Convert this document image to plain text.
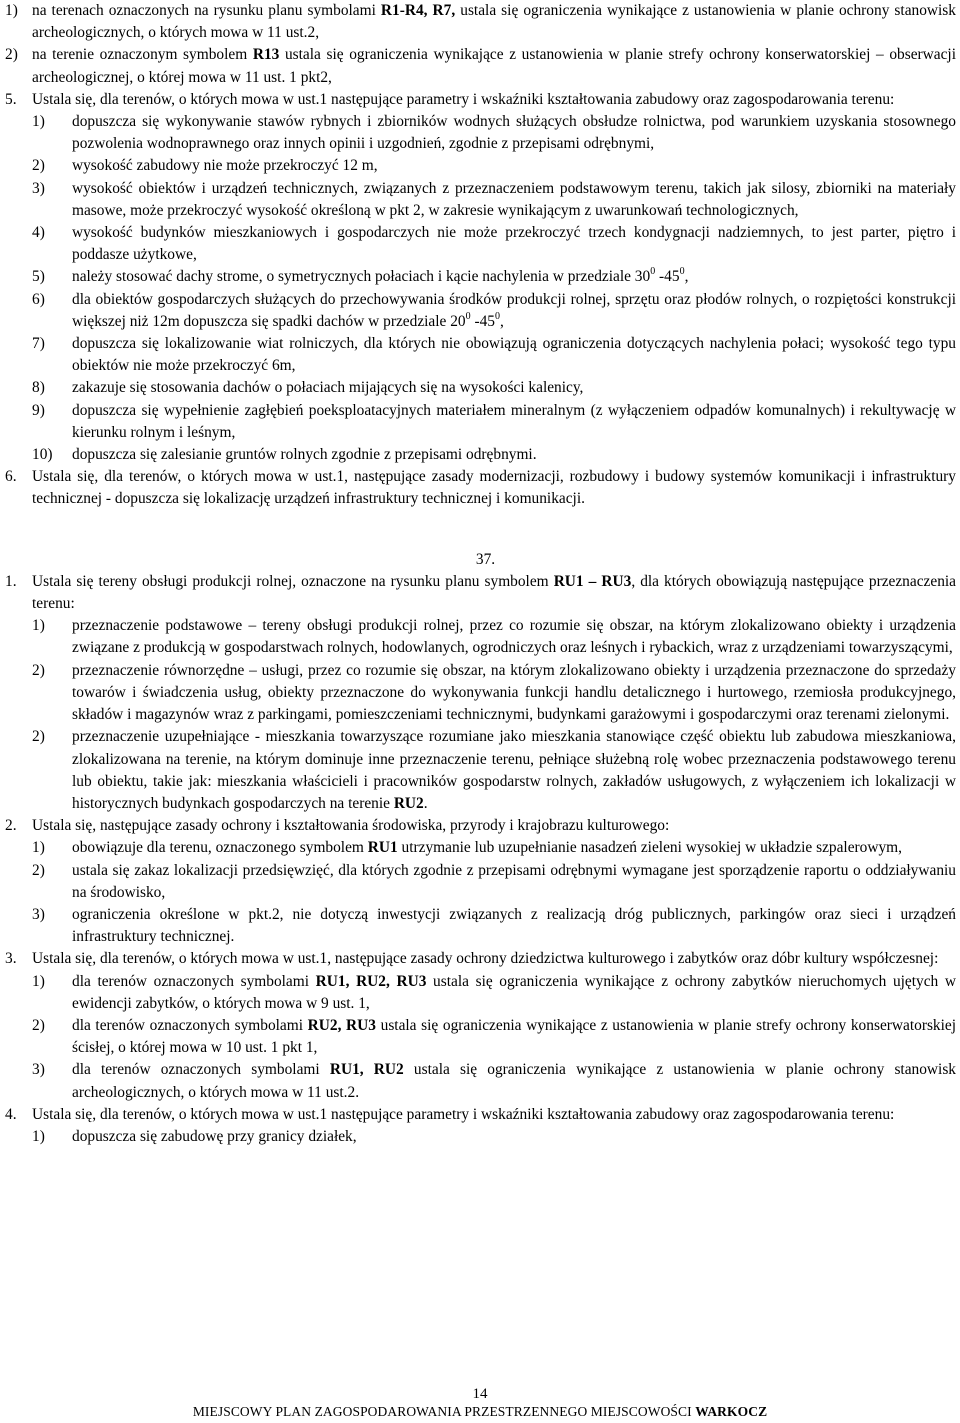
1) na terenach oznaczonych na rysunku planu symbolami R1-R4, R7, ustala się ograniczenia wynikające z ustanowienia w planie ochrony stanowisk archeologicznych, o których mowa w 11 ust.2,
2) na terenie oznaczonym symbolem R13 ustala się ograniczenia wynikające z ustanowienia w planie strefy ochrony konserwatorskiej – obserwacji archeologicznej, o której mowa w 11 ust. 1 pkt2,
5.	Ustala się, dla terenów, o których mowa w ust.1 następujące parametry i wskaźniki kształtowania zabudowy oraz zagospodarowania terenu:
1)	dopuszcza się wykonywanie stawów rybnych i zbiorników wodnych służących obsłudze rolnictwa, pod warunkiem uzyskania stosownego pozwolenia wodnoprawnego oraz innych opinii i uzgodnień, zgodnie z przepisami odrębnymi,
2)	wysokość zabudowy nie może przekroczyć 12 m,
3)	wysokość obiektów i urządzeń technicznych, związanych z przeznaczeniem podstawowym terenu, takich jak silosy, zbiorniki na materiały masowe, może przekroczyć wysokość określoną w pkt 2, w zakresie wynikającym z uwarunkowań technologicznych,
4)	wysokość budynków mieszkaniowych i gospodarczych nie może przekroczyć trzech kondygnacji nadziemnych, to jest parter, piętro i poddasze użytkowe,
5)	należy stosować dachy strome, o symetrycznych połaciach i kącie nachylenia w przedziale $30^0$ $-45^0$,
6)	dla obiektów gospodarczych służących do przechowywania środków produkcji rolnej, sprzętu oraz płodów rolnych, o rozpiętości konstrukcji większej niż 12m dopuszcza się spadki dachów w przedziale $20^0$ $-45^0$,
7)	dopuszcza się lokalizowanie wiat rolniczych, dla których nie obowiązują ograniczenia dotyczących nachylenia połaci; wysokość tego typu obiektów nie może przekroczyć 6m,
8)	zakazuje się stosowania dachów o połaciach mijających się na wysokości kalenicy,
9)	dopuszcza się wypełnienie zagłębień poeksploatacyjnych materiałem mineralnym (z wyłączeniem odpadów komunalnych) i rekultywację w kierunku rolnym i leśnym,
10)	dopuszcza się zalesianie gruntów rolnych zgodnie z przepisami odrębnymi.
6.	Ustala się, dla terenów, o których mowa w ust.1, następujące zasady modernizacji, rozbudowy i budowy systemów komunikacji i infrastruktury technicznej - dopuszcza się lokalizację urządzeń infrastruktury technicznej i komunikacji.
37.
1.	Ustala się tereny obsługi produkcji rolnej, oznaczone na rysunku planu symbolem RU1 – RU3, dla których obowiązują następujące przeznaczenia terenu:
1)	przeznaczenie podstawowe – tereny obsługi produkcji rolnej, przez co rozumie się obszar, na którym zlokalizowano obiekty i urządzenia związane z produkcją w gospodarstwach rolnych, hodowlanych, ogrodniczych oraz leśnych i rybackich, wraz z urządzeniami towarzyszącymi,
2)	przeznaczenie równorzędne – usługi, przez co rozumie się obszar, na którym zlokalizowano obiekty i urządzenia przeznaczone do sprzedaży towarów i świadczenia usług, obiekty przeznaczone do wykonywania funkcji handlu detalicznego i hurtowego, rzemiosła produkcyjnego, składów i magazynów wraz z parkingami, pomieszczeniami technicznymi, budynkami garażowymi i gospodarczymi oraz terenami zielonymi.
2)	przeznaczenie uzupełniające - mieszkania towarzyszące rozumiane jako mieszkania stanowiące część obiektu lub zabudowa mieszkaniowa, zlokalizowana na terenie, na którym dominuje inne przeznaczenie terenu, pełniące służebną rolę wobec przeznaczenia podstawowego terenu lub obiektu, takie jak: mieszkania właścicieli i pracowników gospodarstw rolnych, zakładów usługowych, z wyłączeniem ich lokalizacji w historycznych budynkach gospodarczych na terenie RU2.
2.	Ustala się, następujące zasady ochrony i kształtowania środowiska, przyrody i krajobrazu kulturowego:
1)	obowiązuje dla terenu, oznaczonego symbolem RU1 utrzymanie lub uzupełnianie nasadzeń zieleni wysokiej w układzie szpalerowym,
2)	ustala się zakaz lokalizacji przedsięwzięć, dla których zgodnie z przepisami odrębnymi wymagane jest sporządzenie raportu o oddziaływaniu na środowisko,
3)	ograniczenia określone w pkt.2, nie dotyczą inwestycji związanych z realizacją dróg publicznych, parkingów oraz sieci i urządzeń infrastruktury technicznej.
3.	Ustala się, dla terenów, o których mowa w ust.1, następujące zasady ochrony dziedzictwa kulturowego i zabytków oraz dóbr kultury współczesnej:
1)	dla terenów oznaczonych symbolami RU1, RU2, RU3 ustala się ograniczenia wynikające z ochrony zabytków nieruchomych ujętych w ewidencji zabytków, o których mowa w 9 ust. 1,
2)	dla terenów oznaczonych symbolami RU2, RU3 ustala się ograniczenia wynikające z ustanowienia w planie strefy ochrony konserwatorskiej ścisłej, o której mowa w 10 ust. 1 pkt 1,
3)	dla terenów oznaczonych symbolami RU1, RU2 ustala się ograniczenia wynikające z ustanowienia w planie ochrony stanowisk archeologicznych, o których mowa w 11 ust.2.
4.	Ustala się, dla terenów, o których mowa w ust.1 następujące parametry i wskaźniki kształtowania zabudowy oraz zagospodarowania terenu:
1)	dopuszcza się zabudowę przy granicy działek,
14
MIEJSCOWY PLAN ZAGOSPODAROWANIA PRZESTRZENNEGO MIEJSCOWOŚCI WARKOCZ
